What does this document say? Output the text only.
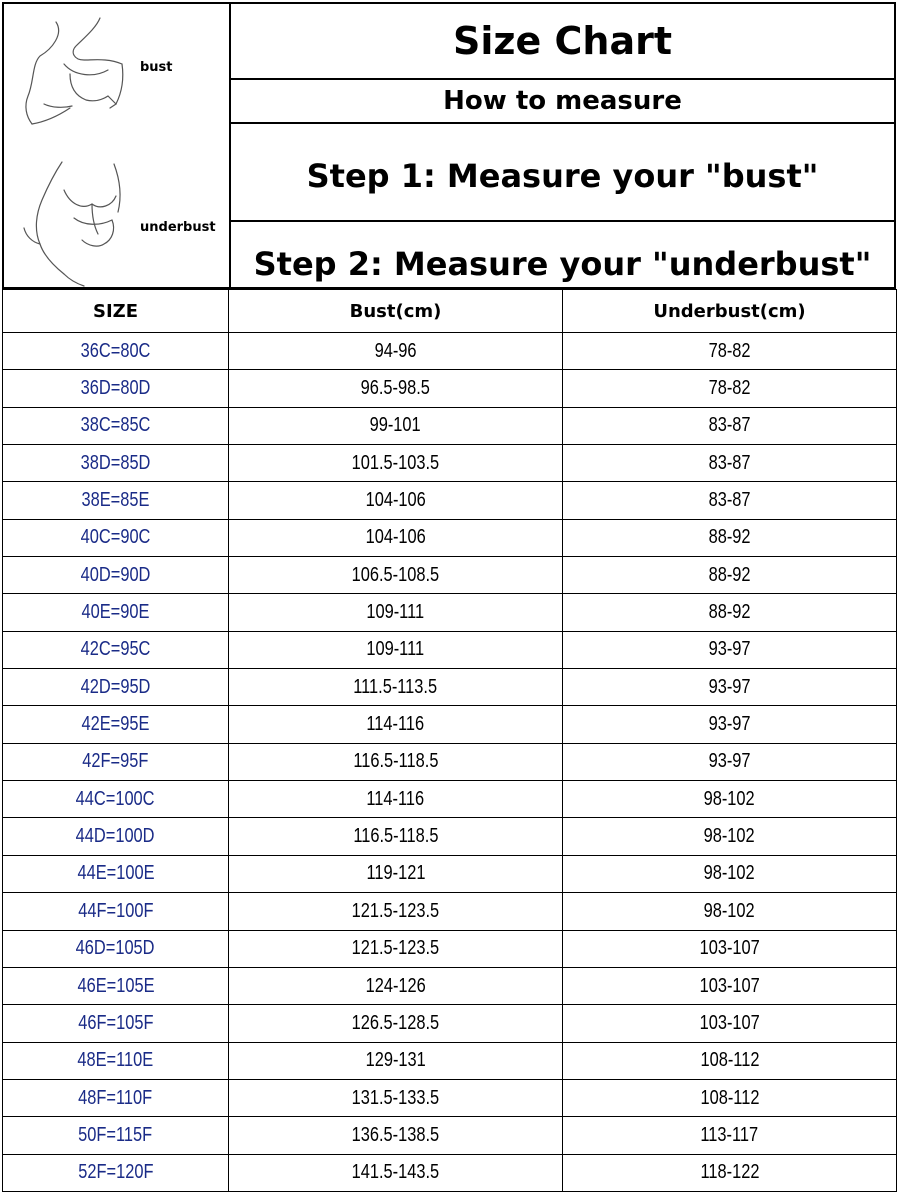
bust
underbust
Size Chart
How to measure
Step 1: Measure your "bust"
Step 2: Measure your "underbust"
SIZE	Bust(cm)	Underbust(cm)
36C=80C	94-96	78-82
36D=80D	96.5-98.5	78-82
38C=85C	99-101	83-87
38D=85D	101.5-103.5	83-87
38E=85E	104-106	83-87
40C=90C	104-106	88-92
40D=90D	106.5-108.5	88-92
40E=90E	109-111	88-92
42C=95C	109-111	93-97
42D=95D	111.5-113.5	93-97
42E=95E	114-116	93-97
42F=95F	116.5-118.5	93-97
44C=100C	114-116	98-102
44D=100D	116.5-118.5	98-102
44E=100E	119-121	98-102
44F=100F	121.5-123.5	98-102
46D=105D	121.5-123.5	103-107
46E=105E	124-126	103-107
46F=105F	126.5-128.5	103-107
48E=110E	129-131	108-112
48F=110F	131.5-133.5	108-112
50F=115F	136.5-138.5	113-117
52F=120F	141.5-143.5	118-122
